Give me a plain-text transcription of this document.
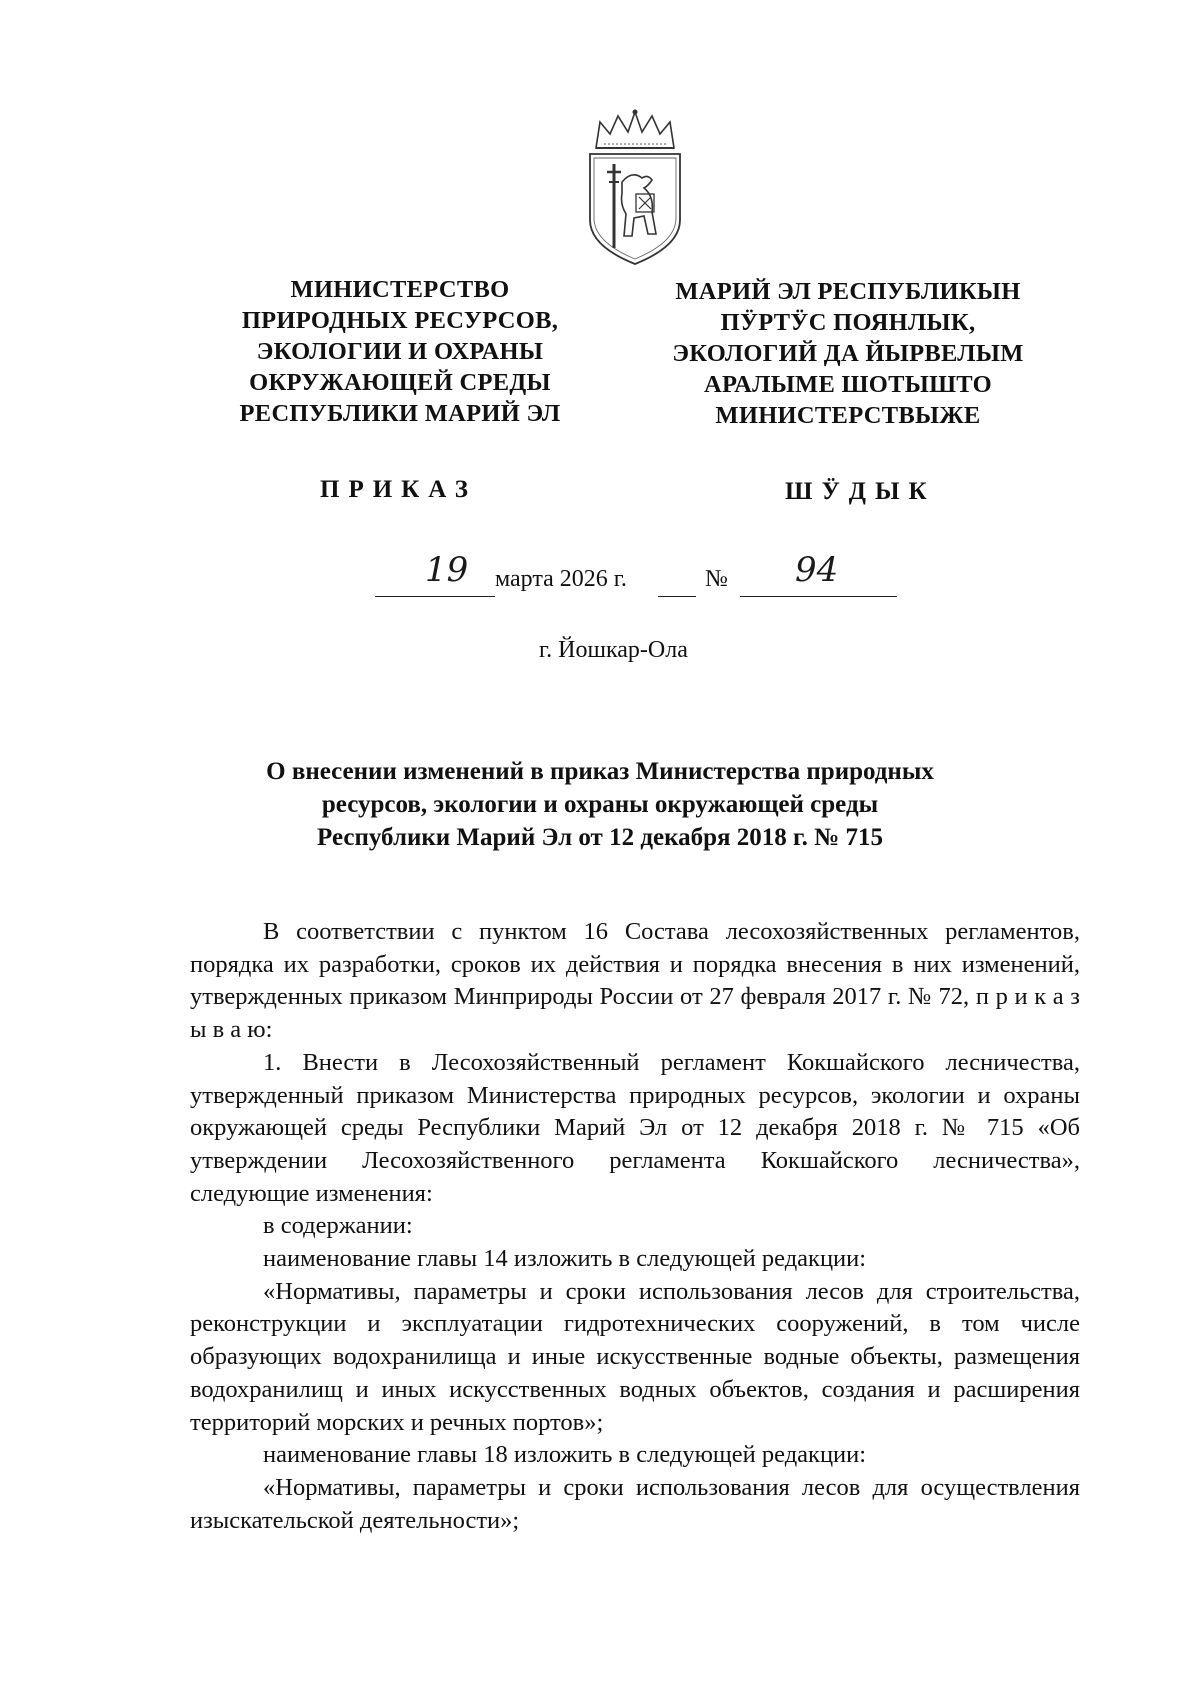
МИНИСТЕРСТВО
ПРИРОДНЫХ РЕСУРСОВ,
ЭКОЛОГИИ И ОХРАНЫ
ОКРУЖАЮЩЕЙ СРЕДЫ
РЕСПУБЛИКИ МАРИЙ ЭЛ
МАРИЙ ЭЛ РЕСПУБЛИКЫН
ПӰРТӰС ПОЯНЛЫК,
ЭКОЛОГИЙ ДА ЙЫРВЕЛЫМ
АРАЛЫМЕ ШОТЫШТО
МИНИСТЕРСТВЫЖЕ
ПРИКАЗ	ШӰДЫК
19 марта 2026 г.	№ 94
г. Йошкар-Ола
О внесении изменений в приказ Министерства природных
ресурсов, экологии и охраны окружающей среды
Республики Марий Эл от 12 декабря 2018 г. № 715

В соответствии с пунктом 16 Состава лесохозяйственных регламентов, порядка их разработки, сроков их действия и порядка внесения в них изменений, утвержденных приказом Минприроды России от 27 февраля 2017 г. № 72, п р и к а з ы в а ю:

1. Внести в Лесохозяйственный регламент Кокшайского лесничества, утвержденный приказом Министерства природных ресурсов, экологии и охраны окружающей среды Республики Марий Эл от 12 декабря 2018 г. № 715 «Об утверждении Лесохозяйственного регламента Кокшайского лесничества», следующие изменения:

в содержании:

наименование главы 14 изложить в следующей редакции:

«Нормативы, параметры и сроки использования лесов для строительства, реконструкции и эксплуатации гидротехнических сооружений, в том числе образующих водохранилища и иные искусственные водные объекты, размещения водохранилищ и иных искусственных водных объектов, создания и расширения территорий морских и речных портов»;

наименование главы 18 изложить в следующей редакции:

«Нормативы, параметры и сроки использования лесов для осуществления изыскательской деятельности»;
